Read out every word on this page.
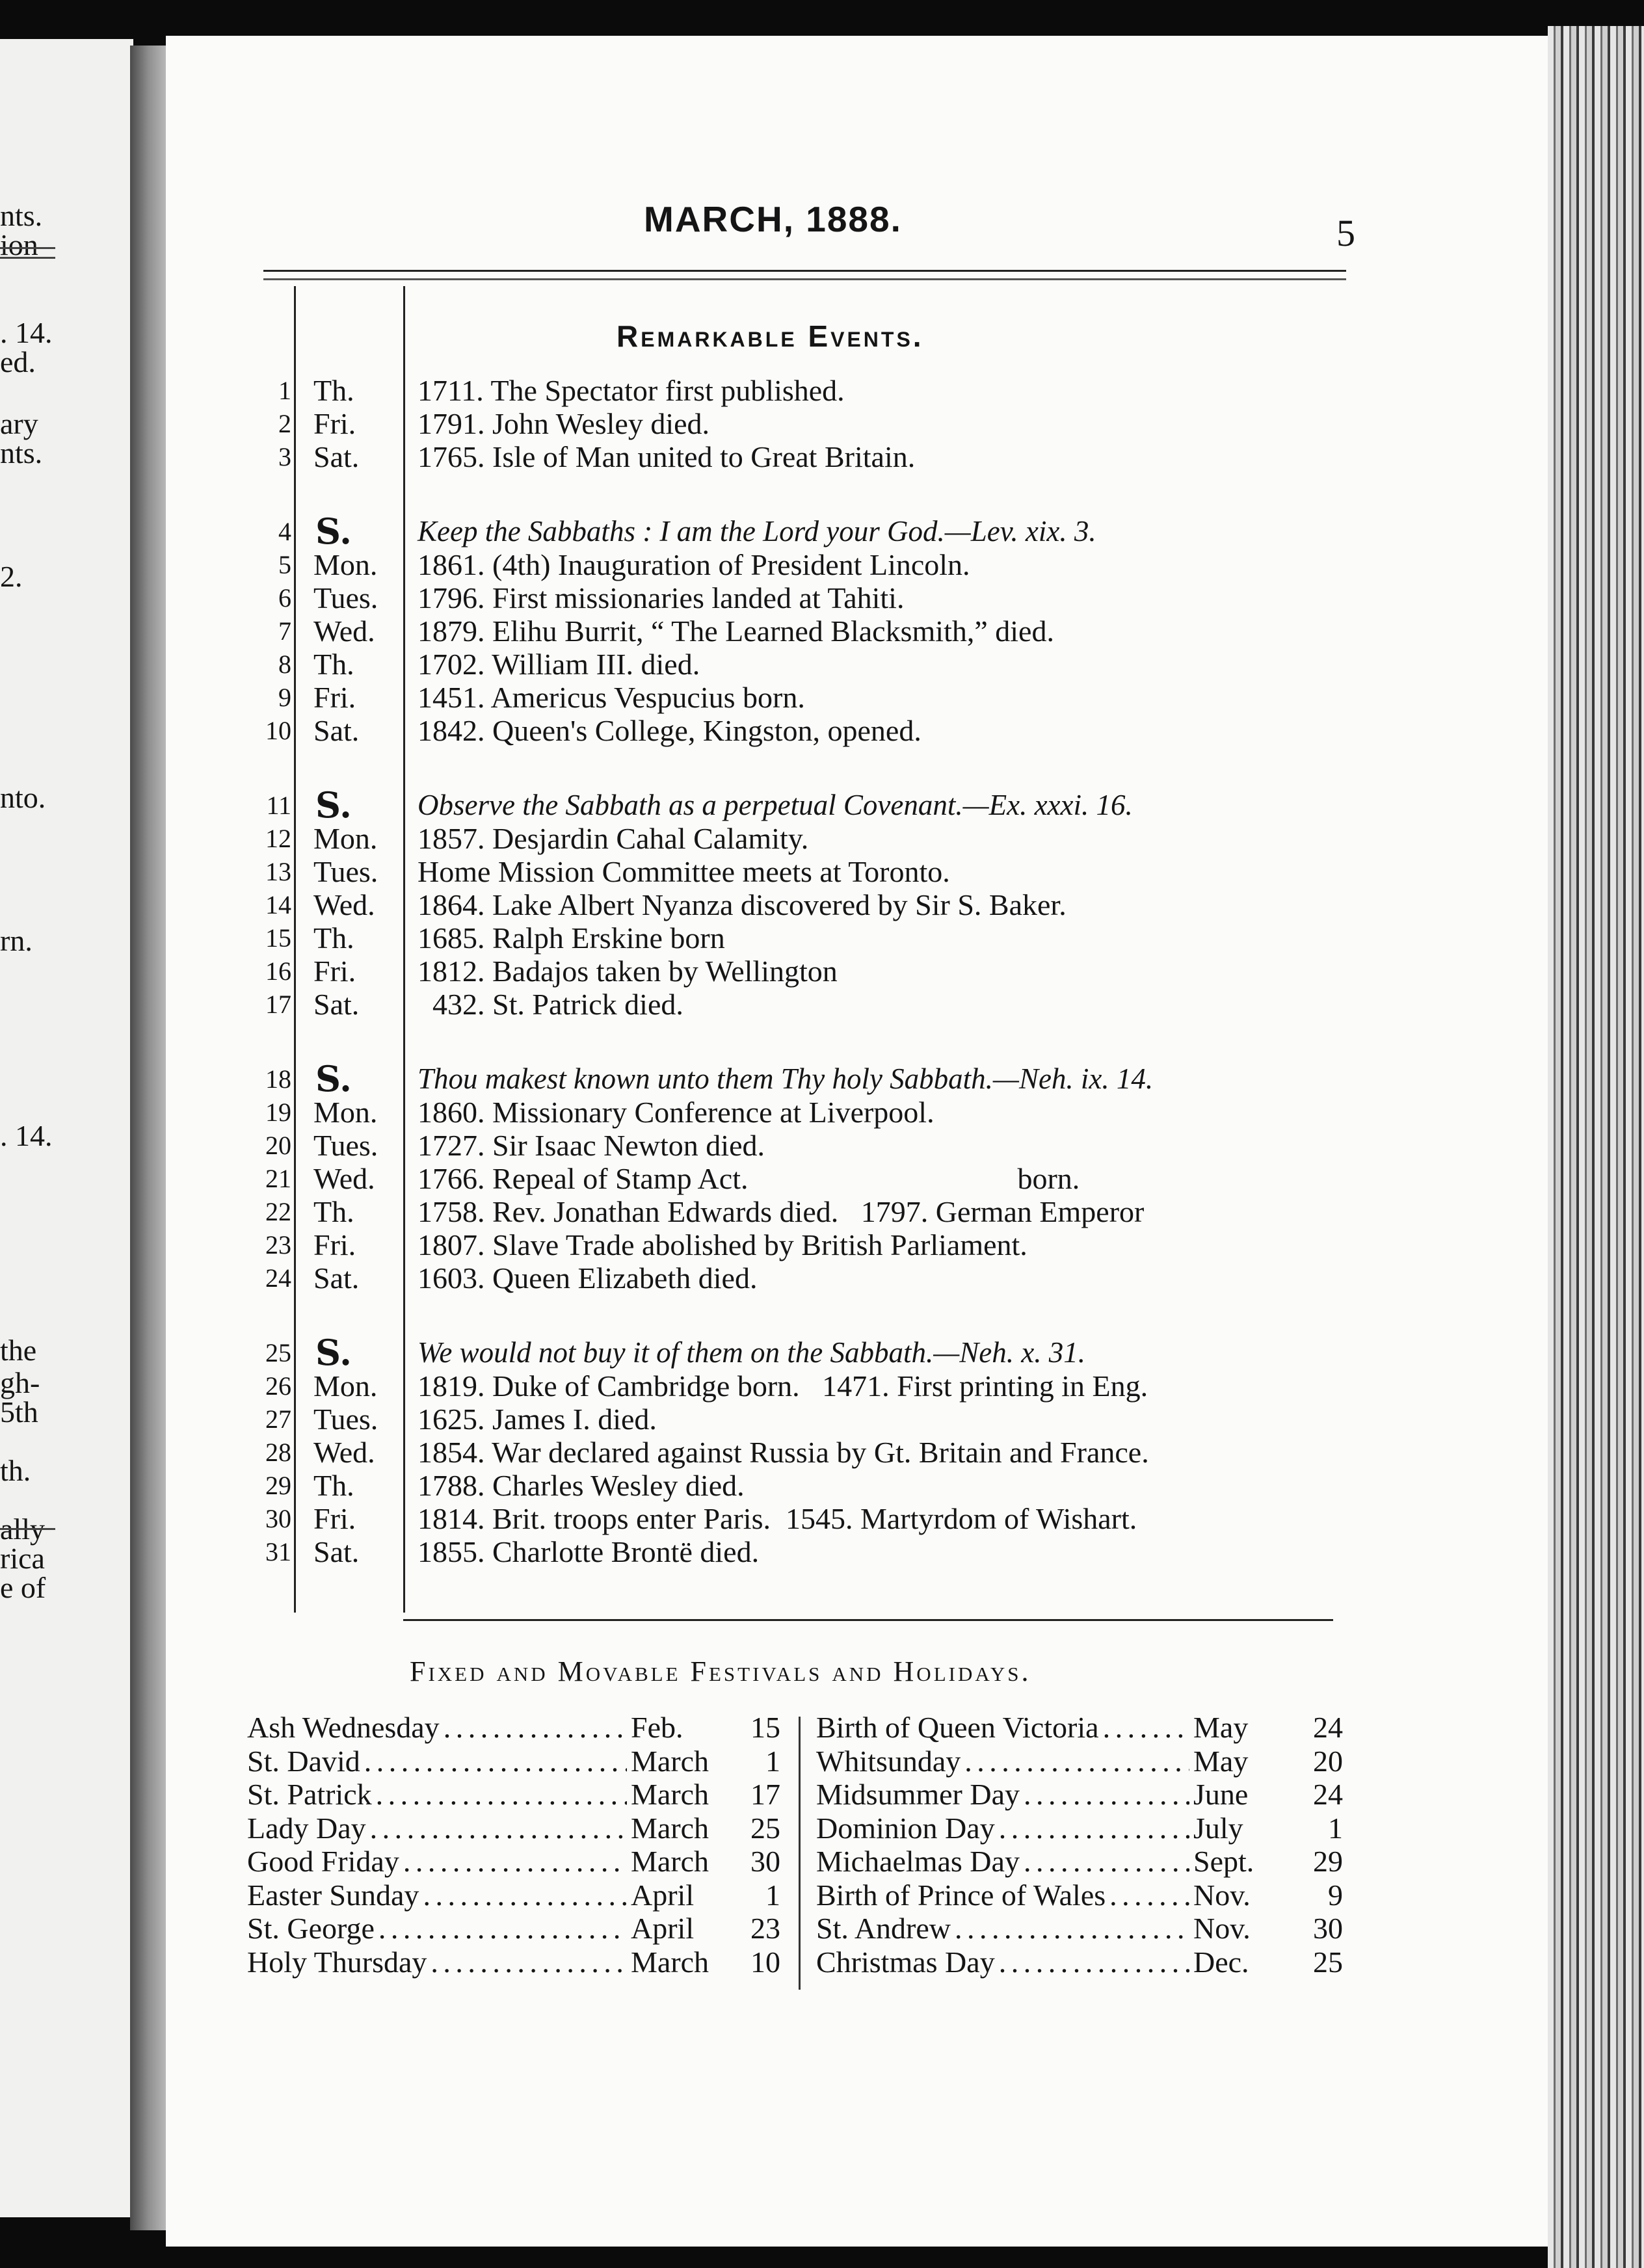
nts.
ion
. 14.
ed.
ary
nts.
2.
nto.
rn.
. 14.
the
gh-
5th
th.
ally
rica
e of
MARCH, 1888.	5
Remarkable Events.
1 Th.	1711. The Spectator first published.
2 Fri.	1791. John Wesley died.
3 Sat.	1765. Isle of Man united to Great Britain.
4 S.	Keep the Sabbaths : I am the Lord your God.—Lev. xix. 3.
5 Mon.	1861. (4th) Inauguration of President Lincoln.
6 Tues.	1796. First missionaries landed at Tahiti.
7 Wed.	1879. Elihu Burrit, “ The Learned Blacksmith,” died.
8 Th.	1702. William III. died.
9 Fri.	1451. Americus Vespucius born.
10 Sat.	1842. Queen's College, Kingston, opened.
11 S.	Observe the Sabbath as a perpetual Covenant.—Ex. xxxi. 16.
12 Mon.	1857. Desjardin Cahal Calamity.
13 Tues.	Home Mission Committee meets at Toronto.
14 Wed.	1864. Lake Albert Nyanza discovered by Sir S. Baker.
15 Th.	1685. Ralph Erskine born
16 Fri.	1812. Badajos taken by Wellington
17 Sat.	432. St. Patrick died.
18 S.	Thou makest known unto them Thy holy Sabbath.—Neh. ix. 14.
19 Mon.	1860. Missionary Conference at Liverpool.
20 Tues.	1727. Sir Isaac Newton died.
21 Wed.	1766. Repeal of Stamp Act.                                    born.
22 Th.	1758. Rev. Jonathan Edwards died.   1797. German Emperor
23 Fri.	1807. Slave Trade abolished by British Parliament.
24 Sat.	1603. Queen Elizabeth died.
25 S.	We would not buy it of them on the Sabbath.—Neh. x. 31.
26 Mon.	1819. Duke of Cambridge born.   1471. First printing in Eng.
27 Tues.	1625. James I. died.
28 Wed.	1854. War declared against Russia by Gt. Britain and France.
29 Th.	1788. Charles Wesley died.
30 Fri.	1814. Brit. troops enter Paris.  1545. Martyrdom of Wishart.
31 Sat.	1855. Charlotte Brontë died.
Fixed and Movable Festivals and Holidays.
Ash Wednesday . . .	Feb.	15
St. David . . .	March	1
St. Patrick . . .	March	17
Lady Day . . .	March	25
Good Friday . . .	March	30
Easter Sunday . . .	April	1
St. George . . .	April	23
Holy Thursday . . .	March	10
Birth of Queen Victoria . . .	May	24
Whitsunday . . .	May	20
Midsummer Day . . .	June	24
Dominion Day . . .	July	1
Michaelmas Day . . .	Sept.	29
Birth of Prince of Wales . . .	Nov.	9
St. Andrew . . .	Nov.	30
Christmas Day . . .	Dec.	25
